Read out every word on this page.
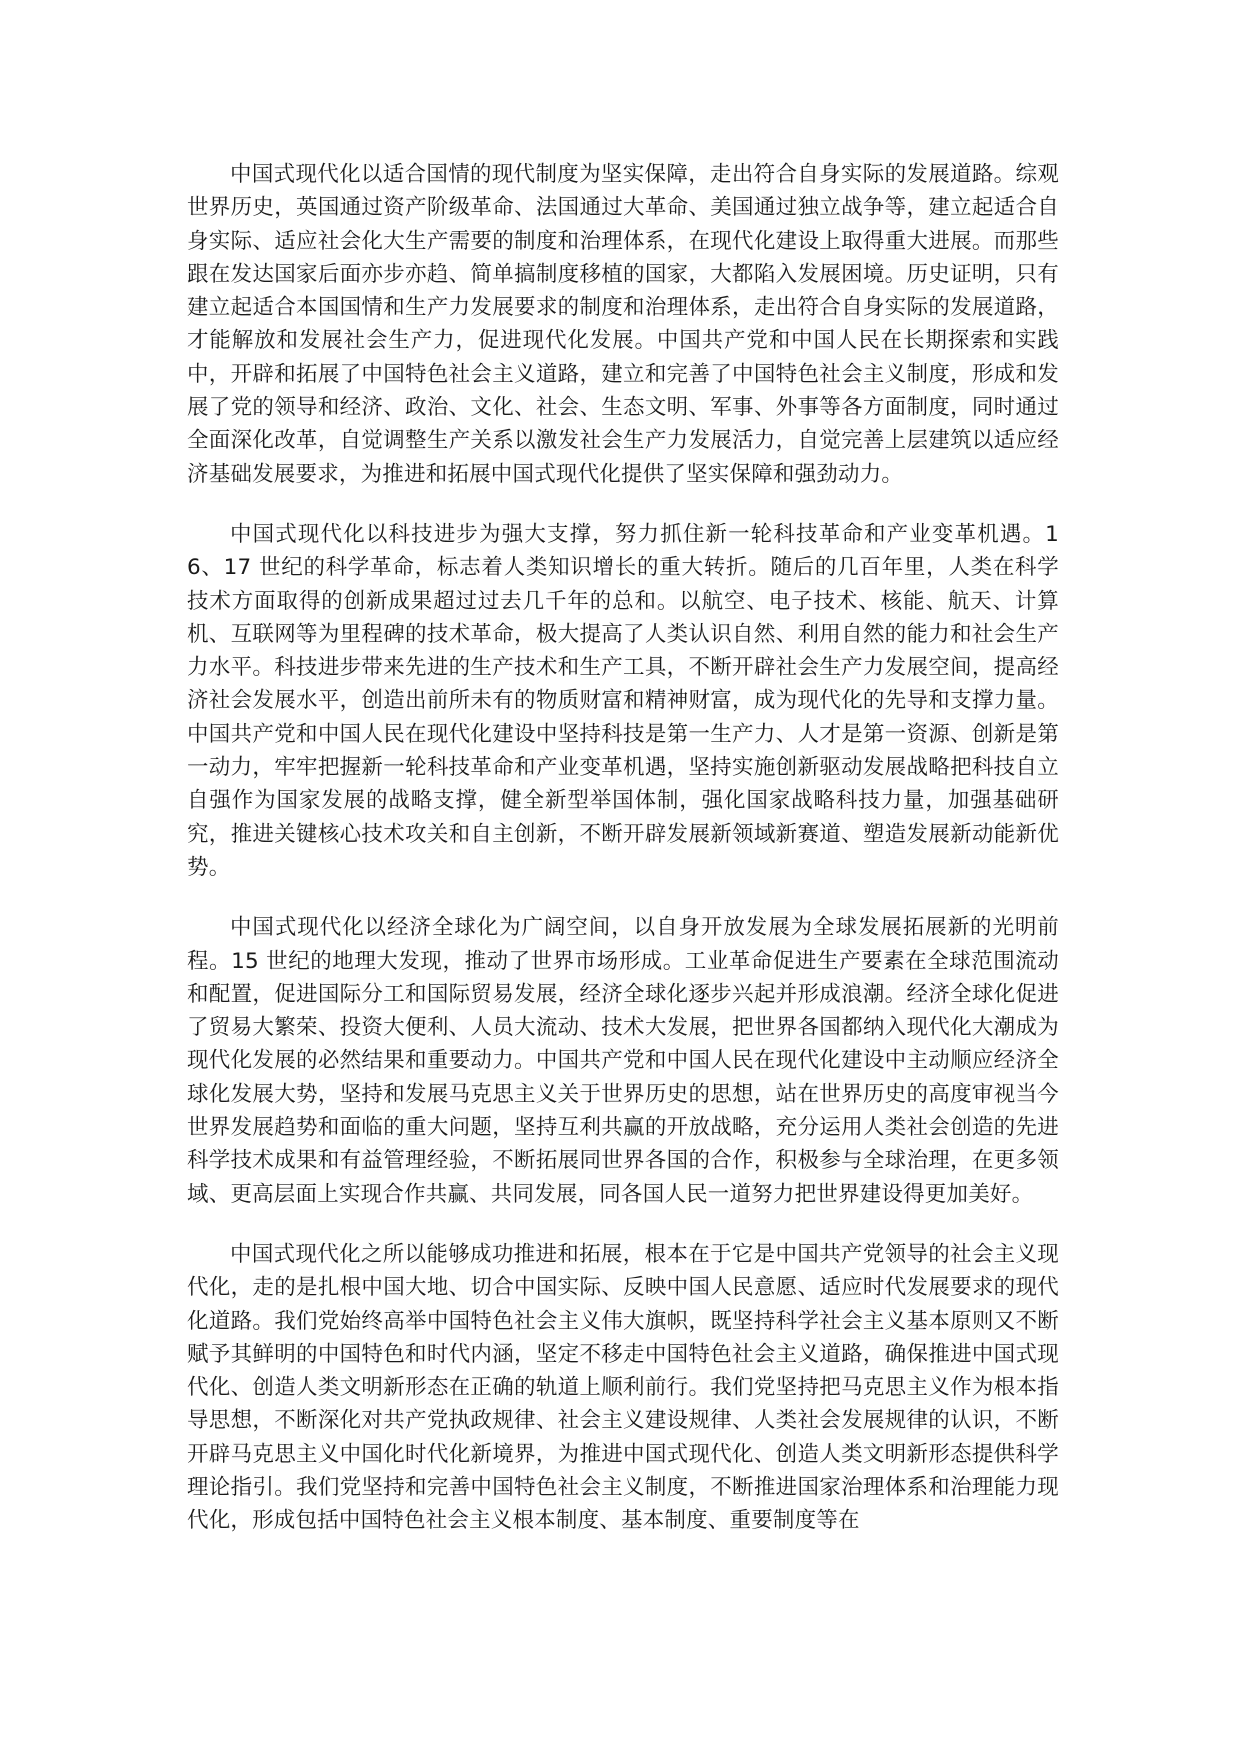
中国式现代化以适合国情的现代制度为坚实保障，走出符合自身实际的发展道路。综观世界历史，英国通过资产阶级革命、法国通过大革命、美国通过独立战争等，建立起适合自身实际、适应社会化大生产需要的制度和治理体系，在现代化建设上取得重大进展。而那些跟在发达国家后面亦步亦趋、简单搞制度移植的国家，大都陷入发展困境。历史证明，只有建立起适合本国国情和生产力发展要求的制度和治理体系，走出符合自身实际的发展道路，才能解放和发展社会生产力，促进现代化发展。中国共产党和中国人民在长期探索和实践中，开辟和拓展了中国特色社会主义道路，建立和完善了中国特色社会主义制度，形成和发展了党的领导和经济、政治、文化、社会、生态文明、军事、外事等各方面制度，同时通过全面深化改革，自觉调整生产关系以激发社会生产力发展活力，自觉完善上层建筑以适应经济基础发展要求，为推进和拓展中国式现代化提供了坚实保障和强劲动力。

中国式现代化以科技进步为强大支撑，努力抓住新一轮科技革命和产业变革机遇。16、17 世纪的科学革命，标志着人类知识增长的重大转折。随后的几百年里，人类在科学技术方面取得的创新成果超过过去几千年的总和。以航空、电子技术、核能、航天、计算机、互联网等为里程碑的技术革命，极大提高了人类认识自然、利用自然的能力和社会生产力水平。科技进步带来先进的生产技术和生产工具，不断开辟社会生产力发展空间，提高经济社会发展水平，创造出前所未有的物质财富和精神财富，成为现代化的先导和支撑力量。中国共产党和中国人民在现代化建设中坚持科技是第一生产力、人才是第一资源、创新是第一动力，牢牢把握新一轮科技革命和产业变革机遇，坚持实施创新驱动发展战略把科技自立自强作为国家发展的战略支撑，健全新型举国体制，强化国家战略科技力量，加强基础研究，推进关键核心技术攻关和自主创新，不断开辟发展新领域新赛道、塑造发展新动能新优势。

中国式现代化以经济全球化为广阔空间，以自身开放发展为全球发展拓展新的光明前程。15 世纪的地理大发现，推动了世界市场形成。工业革命促进生产要素在全球范围流动和配置，促进国际分工和国际贸易发展，经济全球化逐步兴起并形成浪潮。经济全球化促进了贸易大繁荣、投资大便利、人员大流动、技术大发展，把世界各国都纳入现代化大潮成为现代化发展的必然结果和重要动力。中国共产党和中国人民在现代化建设中主动顺应经济全球化发展大势，坚持和发展马克思主义关于世界历史的思想，站在世界历史的高度审视当今世界发展趋势和面临的重大问题，坚持互利共赢的开放战略，充分运用人类社会创造的先进科学技术成果和有益管理经验，不断拓展同世界各国的合作，积极参与全球治理，在更多领域、更高层面上实现合作共赢、共同发展，同各国人民一道努力把世界建设得更加美好。

中国式现代化之所以能够成功推进和拓展，根本在于它是中国共产党领导的社会主义现代化，走的是扎根中国大地、切合中国实际、反映中国人民意愿、适应时代发展要求的现代化道路。我们党始终高举中国特色社会主义伟大旗帜，既坚持科学社会主义基本原则又不断赋予其鲜明的中国特色和时代内涵，坚定不移走中国特色社会主义道路，确保推进中国式现代化、创造人类文明新形态在正确的轨道上顺利前行。我们党坚持把马克思主义作为根本指导思想，不断深化对共产党执政规律、社会主义建设规律、人类社会发展规律的认识，不断开辟马克思主义中国化时代化新境界，为推进中国式现代化、创造人类文明新形态提供科学理论指引。我们党坚持和完善中国特色社会主义制度，不断推进国家治理体系和治理能力现代化，形成包括中国特色社会主义根本制度、基本制度、重要制度等在
